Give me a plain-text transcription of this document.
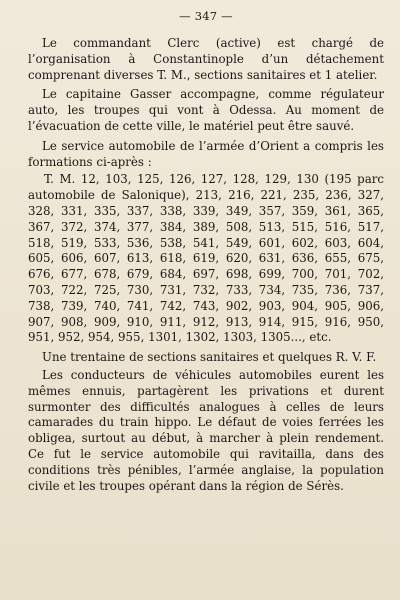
— 347 —

Le commandant Clerc (active) est chargé de l’organisation à Constantinople d’un détachement comprenant diverses T. M., sections sanitaires et 1 atelier.

Le capitaine Gasser accompagne, comme régulateur auto, les troupes qui vont à Odessa. Au moment de l’évacuation de cette ville, le matériel peut être sauvé.

Le service automobile de l’armée d’Orient a compris les formations ci-après :

T. M. 12, 103, 125, 126, 127, 128, 129, 130 (195 parc automobile de Salonique), 213, 216, 221, 235, 236, 327, 328, 331, 335, 337, 338, 339, 349, 357, 359, 361, 365, 367, 372, 374, 377, 384, 389, 508, 513, 515, 516, 517, 518, 519, 533, 536, 538, 541, 549, 601, 602, 603, 604, 605, 606, 607, 613, 618, 619, 620, 631, 636, 655, 675, 676, 677, 678, 679, 684, 697, 698, 699, 700, 701, 702, 703, 722, 725, 730, 731, 732, 733, 734, 735, 736, 737, 738, 739, 740, 741, 742, 743, 902, 903, 904, 905, 906, 907, 908, 909, 910, 911, 912, 913, 914, 915, 916, 950, 951, 952, 954, 955, 1301, 1302, 1303, 1305..., etc.

Une trentaine de sections sanitaires et quelques R. V. F.

Les conducteurs de véhicules automobiles eurent les mêmes ennuis, partagèrent les privations et durent surmonter des difficultés analogues à celles de leurs camarades du train hippo. Le défaut de voies ferrées les obligea, surtout au début, à marcher à plein rendement. Ce fut le service automobile qui ravitailla, dans des conditions très pénibles, l’armée anglaise, la population civile et les troupes opérant dans la région de Sérès.
